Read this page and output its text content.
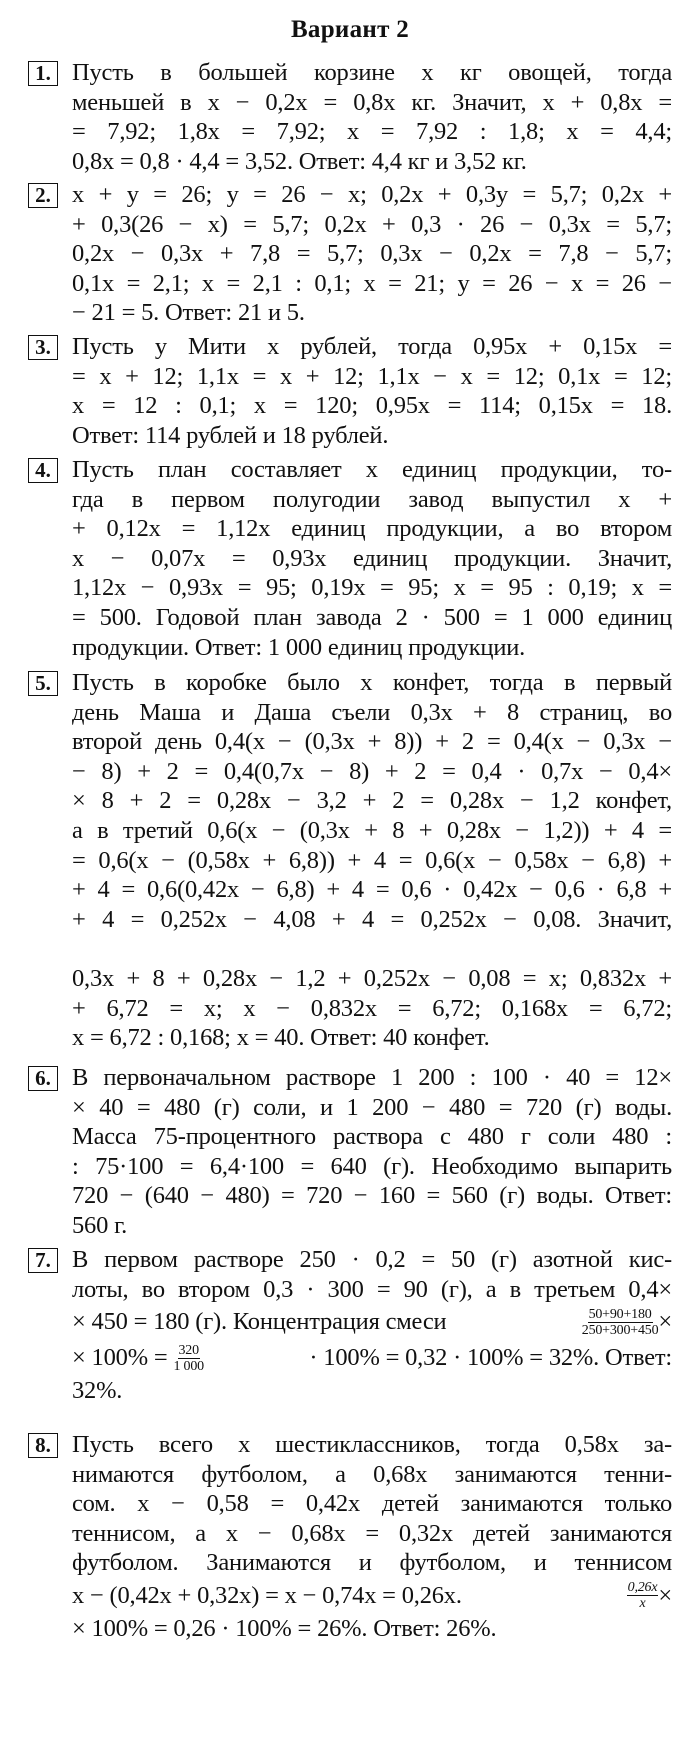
Вариант 2
1. Пусть в большей корзине x кг овощей, тогда
меньшей в x − 0,2x = 0,8x кг. Значит, x + 0,8x =
= 7,92; 1,8x = 7,92; x = 7,92 : 1,8; x = 4,4;
0,8x = 0,8 · 4,4 = 3,52. Ответ: 4,4 кг и 3,52 кг.
2. x + y = 26; y = 26 − x; 0,2x + 0,3y = 5,7; 0,2x +
+ 0,3(26 − x) = 5,7; 0,2x + 0,3 · 26 − 0,3x = 5,7;
0,2x − 0,3x + 7,8 = 5,7; 0,3x − 0,2x = 7,8 − 5,7;
0,1x = 2,1; x = 2,1 : 0,1; x = 21; y = 26 − x = 26 −
− 21 = 5. Ответ: 21 и 5.
3. Пусть у Мити x рублей, тогда 0,95x + 0,15x =
= x + 12; 1,1x = x + 12; 1,1x − x = 12; 0,1x = 12;
x = 12 : 0,1; x = 120; 0,95x = 114; 0,15x = 18.
Ответ: 114 рублей и 18 рублей.
4. Пусть план составляет x единиц продукции, то-
гда в первом полугодии завод выпустил x +
+ 0,12x = 1,12x единиц продукции, а во втором
x − 0,07x = 0,93x единиц продукции. Значит,
1,12x − 0,93x = 95; 0,19x = 95; x = 95 : 0,19; x =
= 500. Годовой план завода 2 · 500 = 1 000 единиц
продукции. Ответ: 1 000 единиц продукции.
5. Пусть в коробке было x конфет, тогда в первый
день Маша и Даша съели 0,3x + 8 страниц, во
второй день 0,4(x − (0,3x + 8)) + 2 = 0,4(x − 0,3x −
− 8) + 2 = 0,4(0,7x − 8) + 2 = 0,4 · 0,7x − 0,4×
× 8 + 2 = 0,28x − 3,2 + 2 = 0,28x − 1,2 конфет,
а в третий 0,6(x − (0,3x + 8 + 0,28x − 1,2)) + 4 =
= 0,6(x − (0,58x + 6,8)) + 4 = 0,6(x − 0,58x − 6,8) +
+ 4 = 0,6(0,42x − 6,8) + 4 = 0,6 · 0,42x − 0,6 · 6,8 +
+ 4 = 0,252x − 4,08 + 4 = 0,252x − 0,08. Значит,
0,3x + 8 + 0,28x − 1,2 + 0,252x − 0,08 = x; 0,832x +
+ 6,72 = x; x − 0,832x = 6,72; 0,168x = 6,72;
x = 6,72 : 0,168; x = 40. Ответ: 40 конфет.
6. В первоначальном растворе 1 200 : 100 · 40 = 12×
× 40 = 480 (г) соли, и 1 200 − 480 = 720 (г) воды.
Масса 75-процентного раствора с 480 г соли 480 :
: 75·100 = 6,4·100 = 640 (г). Необходимо выпарить
720 − (640 − 480) = 720 − 160 = 560 (г) воды. Ответ:
560 г.
7. В первом растворе 250 · 0,2 = 50 (г) азотной кис-
лоты, во втором 0,3 · 300 = 90 (г), а в третьем 0,4×
× 450 = 180 (г). Концентрация смеси	$\frac{50+90+180}{250+300+450}$ ×
× $100\% = \frac{320}{1 000}$	· 100% = 0,32 · 100% = 32%. Ответ:
32%.
8. Пусть всего x шестиклассников, тогда 0,58x за-
нимаются футболом, а 0,68x занимаются тенни-
сом. x − 0,58 = 0,42x детей занимаются только
теннисом, а x − 0,68x = 0,32x детей занимаются
футболом. Занимаются и футболом, и теннисом
x − (0,42x + 0,32x) = x − 0,74x = 0,26x.	$\frac{0,26x}{x}$ ×
× 100% = 0,26 · 100% = 26%. Ответ: 26%.
